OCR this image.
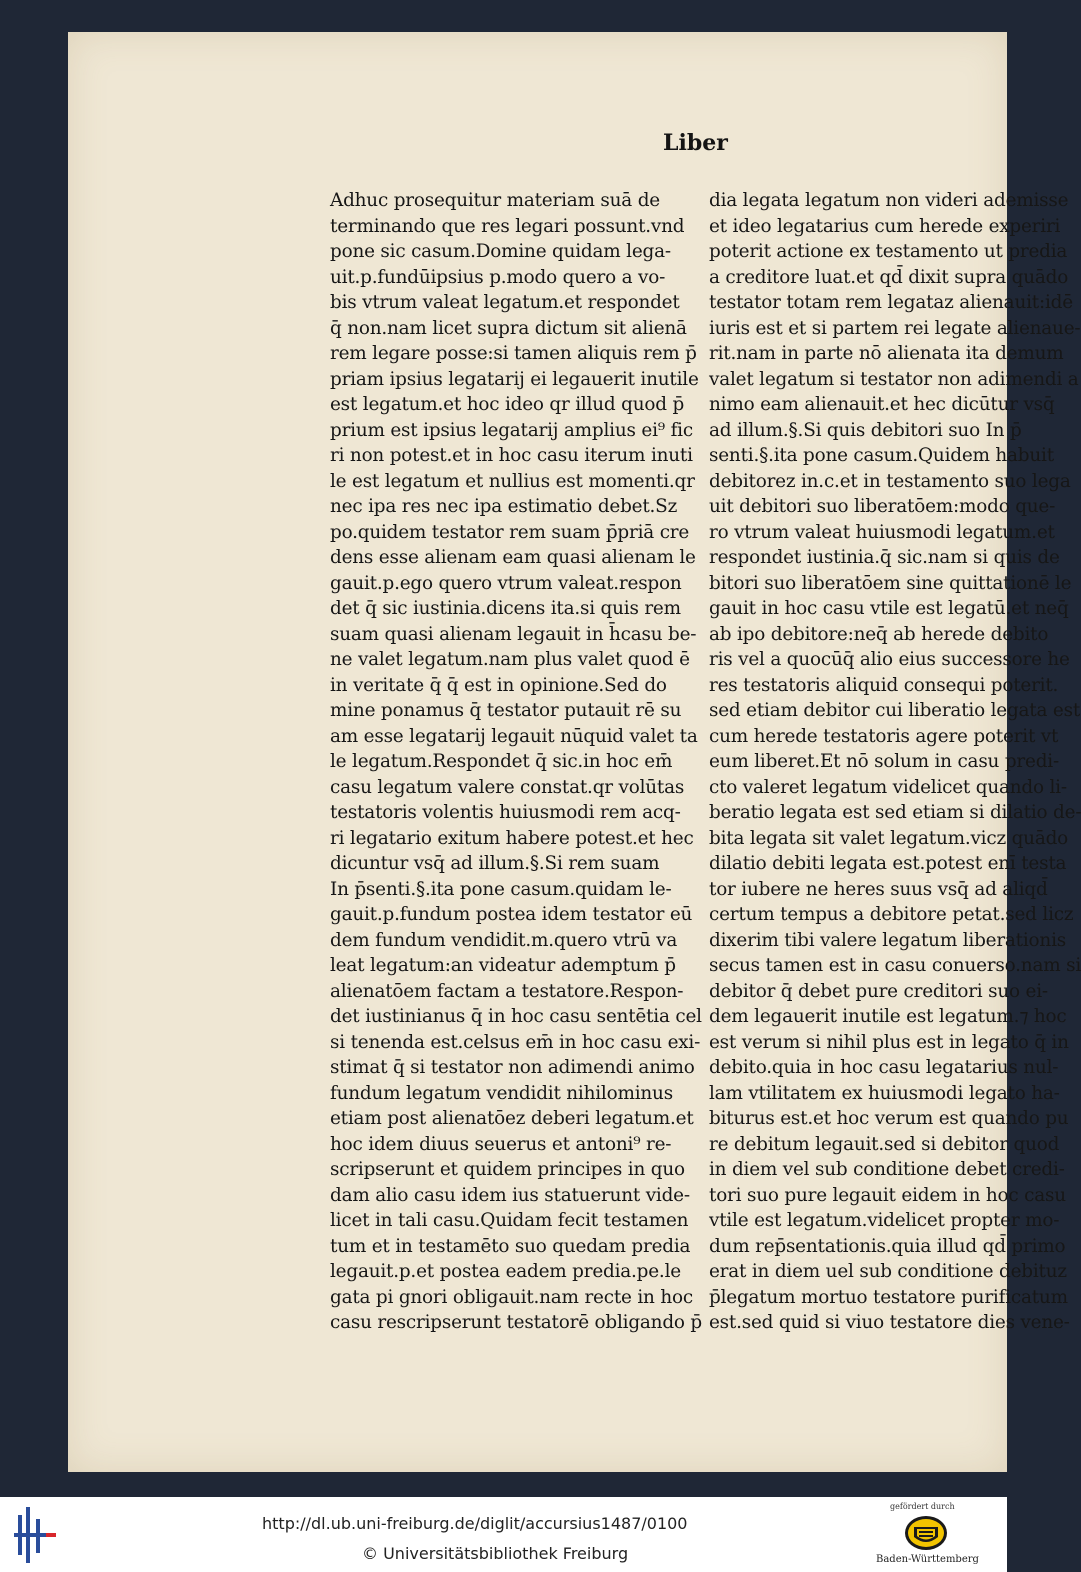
Liber
Adhuc prosequitur materiam suā de
terminando que res legari possunt.vnd
pone sic casum.Domine quidam lega-
uit.p.fundūipsius p.modo quero a vo-
bis vtrum valeat legatum.et respondet
q̄ non.nam licet supra dictum sit alienā
rem legare posse:si tamen aliquis rem p̄
priam ipsius legatarij ei legauerit inutile
est legatum.et hoc ideo qr illud quod p̄
prium est ipsius legatarij amplius ei⁹ fic
ri non potest.et in hoc casu iterum inuti
le est legatum et nullius est momenti.qr
nec ipa res nec ipa estimatio debet.Sz
po.quidem testator rem suam p̄priā cre
dens esse alienam eam quasi alienam le
gauit.p.ego quero vtrum valeat.respon
det q̄ sic iustinia.dicens ita.si quis rem
suam quasi alienam legauit in h̄casu be-
ne valet legatum.nam plus valet quod ē
in veritate q̄ q̄ est in opinione.Sed do
mine ponamus q̄ testator putauit rē su
am esse legatarij legauit nūquid valet ta
le legatum.Respondet q̄ sic.in hoc em̄
casu legatum valere constat.qr volūtas
testatoris volentis huiusmodi rem acq-
ri legatario exitum habere potest.et hec
dicuntur vsq̄ ad illum.§.Si rem suam
In p̄senti.§.ita pone casum.quidam le-
gauit.p.fundum postea idem testator eū
dem fundum vendidit.m.quero vtrū va
leat legatum:an videatur ademptum p̄
alienatōem factam a testatore.Respon-
det iustinianus q̄ in hoc casu sentētia cel
si tenenda est.celsus em̄ in hoc casu exi-
stimat q̄ si testator non adimendi animo
fundum legatum vendidit nihilominus
etiam post alienatōez deberi legatum.et
hoc idem diuus seuerus et antoni⁹ re-
scripserunt et quidem principes in quo
dam alio casu idem ius statuerunt vide-
licet in tali casu.Quidam fecit testamen
tum et in testamēto suo quedam predia
legauit.p.et postea eadem predia.pe.le
gata pi gnori obligauit.nam recte in hoc
casu rescripserunt testatorē obligando p̄
dia legata legatum non videri ademisse
et ideo legatarius cum herede experiri
poterit actione ex testamento ut predia
a creditore luat.et qd̄ dixit supra quādo
testator totam rem legataz alienauit:idē
iuris est et si partem rei legate alienaue-
rit.nam in parte nō alienata ita demum
valet legatum si testator non adimendi a
nimo eam alienauit.et hec dicūtur vsq̄
ad illum.§.Si quis debitori suo In p̄
senti.§.ita pone casum.Quidem habuit
debitorez in.c.et in testamento suo lega
uit debitori suo liberatōem:modo que-
ro vtrum valeat huiusmodi legatum.et
respondet iustinia.q̄ sic.nam si quis de
bitori suo liberatōem sine quittationē le
gauit in hoc casu vtile est legatū.et neq̄
ab ipo debitore:neq̄ ab herede debito
ris vel a quocūq̄ alio eius successore he
res testatoris aliquid consequi poterit.
sed etiam debitor cui liberatio legata est
cum herede testatoris agere poterit vt
eum liberet.Et nō solum in casu predi-
cto valeret legatum videlicet quando li-
beratio legata est sed etiam si dilatio de-
bita legata sit valet legatum.vicz quādo
dilatio debiti legata est.potest enī testa
tor iubere ne heres suus vsq̄ ad aliqd̄
certum tempus a debitore petat.sed licz
dixerim tibi valere legatum liberationis
secus tamen est in casu conuerso.nam si
debitor q̄ debet pure creditori suo ei-
dem legauerit inutile est legatum.⁊ hoc
est verum si nihil plus est in legato q̄ in
debito.quia in hoc casu legatarius nul-
lam vtilitatem ex huiusmodi legato ha-
biturus est.et hoc verum est quando pu
re debitum legauit.sed si debitor quod
in diem vel sub conditione debet credi-
tori suo pure legauit eidem in hoc casu
vtile est legatum.videlicet propter mo-
dum rep̄sentationis.quia illud qd̄ primo
erat in diem uel sub conditione debituz
p̄legatum mortuo testatore purificatum
est.sed quid si viuo testatore dies vene-
http://dl.ub.uni-freiburg.de/diglit/accursius1487/0100
© Universitätsbibliothek Freiburg
gefördert durch
Baden-Württemberg
